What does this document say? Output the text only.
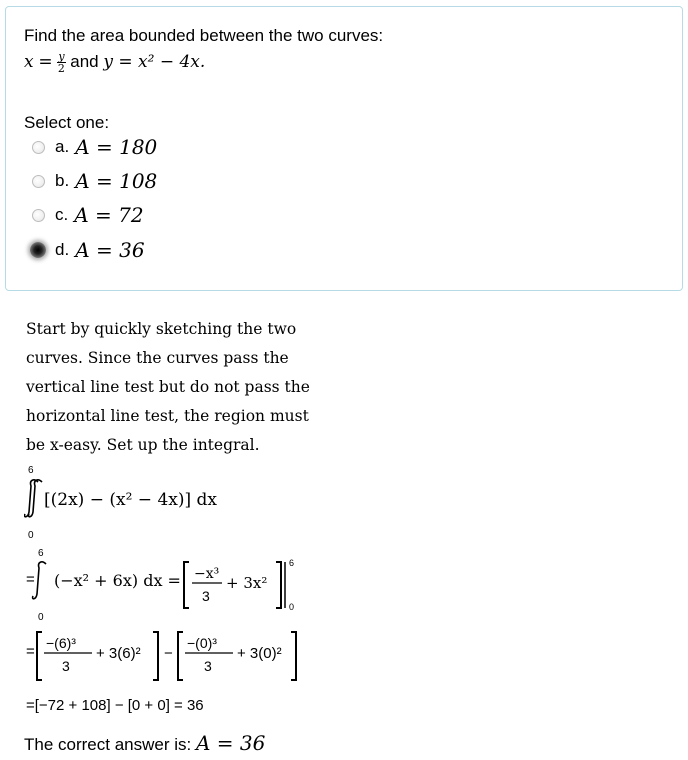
Find the area bounded between the two curves:
$x = \frac{y}{2}$ and y = x² − 4x.
Select one:
a. A = 180
b. A = 108
c. A = 72
d. A = 36
Start by quickly sketching the two
curves. Since the curves pass the
vertical line test but do not pass the
horizontal line test, the region must
be x-easy. Set up the integral.
6
0
[(2x) − (x² − 4x)] dx
6
=
0
(−x² + 6x) dx = −x³
3
+ 3x²
6
0
= −(6)³
3
+ 3(6)² −
−(0)³
3
+ 3(0)²
=[−72 + 108] − [0 + 0] = 36
The correct answer is: A = 36
